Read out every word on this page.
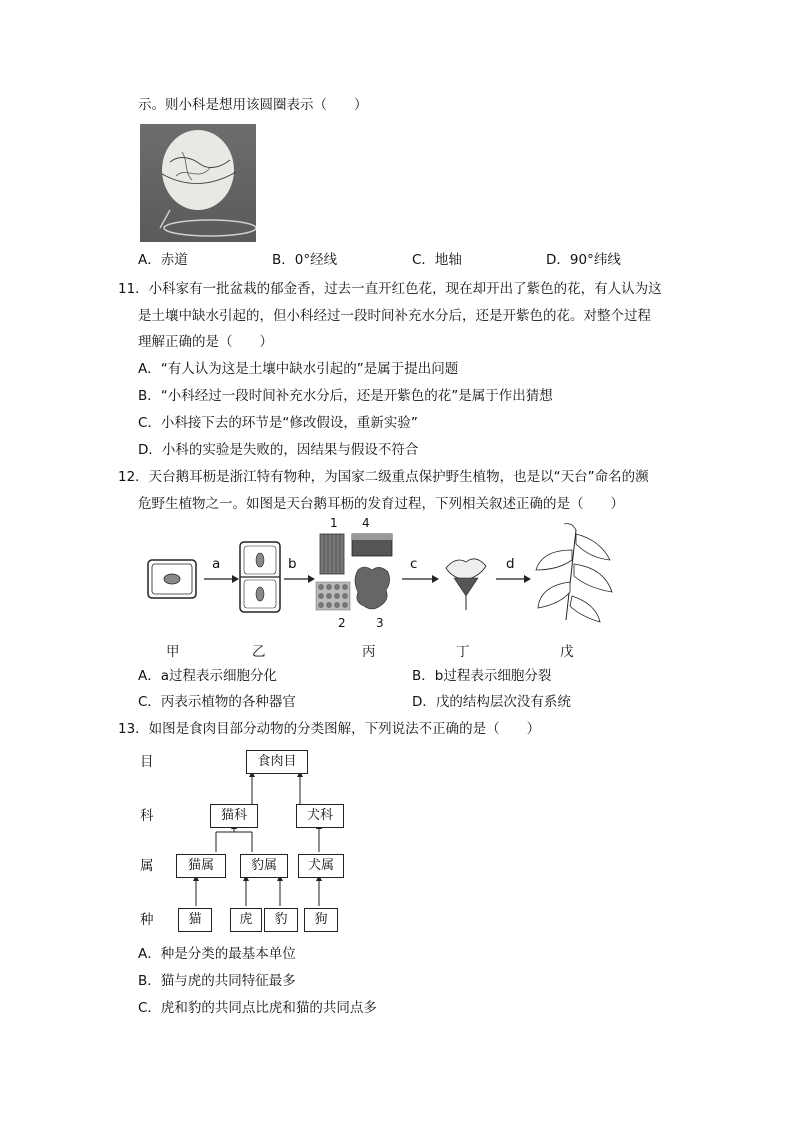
示。则小科是想用该圆圈表示（　　）
A．赤道	B．0°经线	C．地轴	D．90°纬线
11．小科家有一批盆栽的郁金香，过去一直开红色花，现在却开出了紫色的花，有人认为这
是土壤中缺水引起的，但小科经过一段时间补充水分后，还是开紫色的花。对整个过程
理解正确的是（　　）
A．“有人认为这是土壤中缺水引起的”是属于提出问题
B．“小科经过一段时间补充水分后，还是开紫色的花”是属于作出猜想
C．小科接下去的环节是“修改假设，重新实验”
D．小科的实验是失败的，因结果与假设不符合
12．天台鹅耳枥是浙江特有物种，为国家二级重点保护野生植物，也是以“天台”命名的濒
危野生植物之一。如图是天台鹅耳枥的发育过程，下列相关叙述正确的是（　　）
a	b	c	d
1 4
2	3
甲	乙	丙	丁	戊
A．a过程表示细胞分化	B．b过程表示细胞分裂
C．丙表示植物的各种器官	D．戊的结构层次没有系统
13．如图是食肉目部分动物的分类图解，下列说法不正确的是（　　）
目
科
属
种
食肉目
猫科	犬科
猫属	豹属	犬属
猫	虎	豹	狗
A．种是分类的最基本单位
B．猫与虎的共同特征最多
C．虎和豹的共同点比虎和猫的共同点多
